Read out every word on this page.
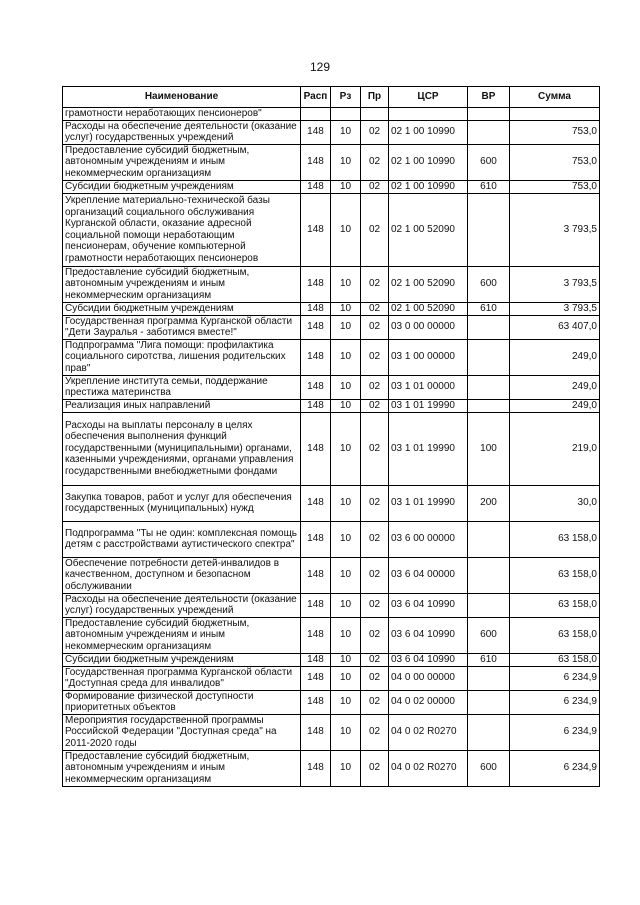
129
Наименование	Расп	Рз	Пр	ЦСР	ВР	Сумма
грамотности неработающих пенсионеров"						
Расходы на обеспечение деятельности (оказание услуг) государственных учреждений	148	10	02	02 1 00 10990		753,0
Предоставление субсидий бюджетным, автономным учреждениям и иным некоммерческим организациям	148	10	02	02 1 00 10990	600	753,0
Субсидии бюджетным учреждениям	148	10	02	02 1 00 10990	610	753,0
Укрепление материально-технической базы организаций социального обслуживания Курганской области, оказание адресной социальной помощи неработающим пенсионерам, обучение компьютерной грамотности неработающих пенсионеров	148	10	02	02 1 00 52090		3 793,5
Предоставление субсидий бюджетным, автономным учреждениям и иным некоммерческим организациям	148	10	02	02 1 00 52090	600	3 793,5
Субсидии бюджетным учреждениям	148	10	02	02 1 00 52090	610	3 793,5
Государственная программа Курганской области "Дети Зауралья - заботимся вместе!"	148	10	02	03 0 00 00000		63 407,0
Подпрограмма "Лига помощи: профилактика социального сиротства, лишения родительских прав"	148	10	02	03 1 00 00000		249,0
Укрепление института семьи, поддержание престижа материнства	148	10	02	03 1 01 00000		249,0
Реализация иных направлений	148	10	02	03 1 01 19990		249,0
Расходы на выплаты персоналу в целях обеспечения выполнения функций государственными (муниципальными) органами, казенными учреждениями, органами управления государственными внебюджетными фондами	148	10	02	03 1 01 19990	100	219,0
Закупка товаров, работ и услуг для обеспечения государственных (муниципальных) нужд	148	10	02	03 1 01 19990	200	30,0
Подпрограмма "Ты не один: комплексная помощь детям с расстройствами аутистического спектра"	148	10	02	03 6 00 00000		63 158,0
Обеспечение потребности детей-инвалидов в качественном, доступном и безопасном обслуживании	148	10	02	03 6 04 00000		63 158,0
Расходы на обеспечение деятельности (оказание услуг) государственных учреждений	148	10	02	03 6 04 10990		63 158,0
Предоставление субсидий бюджетным, автономным учреждениям и иным некоммерческим организациям	148	10	02	03 6 04 10990	600	63 158,0
Субсидии бюджетным учреждениям	148	10	02	03 6 04 10990	610	63 158,0
Государственная программа Курганской области "Доступная среда для инвалидов"	148	10	02	04 0 00 00000		6 234,9
Формирование физической доступности приоритетных объектов	148	10	02	04 0 02 00000		6 234,9
Мероприятия государственной программы Российской Федерации "Доступная среда" на 2011-2020 годы	148	10	02	04 0 02 R0270		6 234,9
Предоставление субсидий бюджетным, автономным учреждениям и иным некоммерческим организациям	148	10	02	04 0 02 R0270	600	6 234,9
